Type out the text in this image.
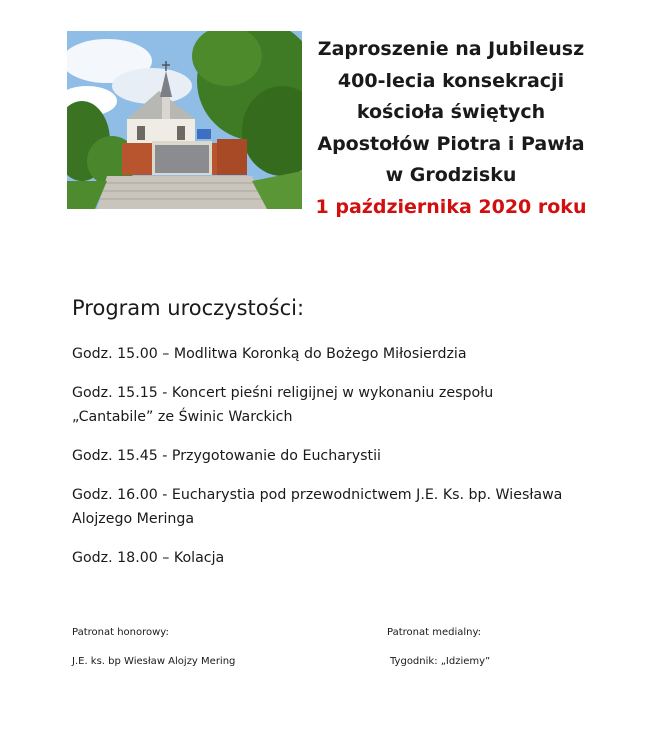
Zaproszenie na Jubileusz
400-lecia konsekracji
kościoła świętych
Apostołów Piotra i Pawła
w Grodzisku
1 października 2020 roku
Program uroczystości:
Godz. 15.00 – Modlitwa Koronką do Bożego Miłosierdzia
Godz. 15.15 - Koncert pieśni religijnej w wykonaniu zespołu
„Cantabile” ze Świnic Warckich
Godz. 15.45 - Przygotowanie do Eucharystii
Godz. 16.00 - Eucharystia pod przewodnictwem J.E. Ks. bp. Wiesława
Alojzego Meringa
Godz. 18.00 – Kolacja
Patronat honorowy:
J.E. ks. bp Wiesław Alojzy Mering
Patronat medialny:
Tygodnik: „Idziemy”
